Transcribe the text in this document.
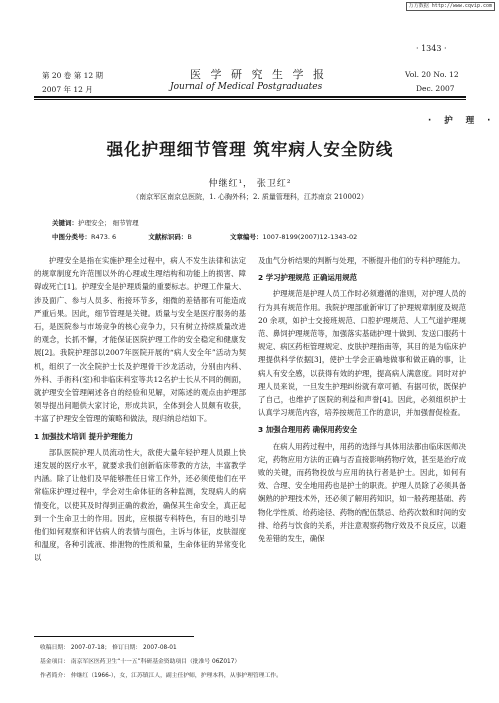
万方数据 http://www.cqvip.com
· 1343 ·
第 20 卷 第 12 期	医 学 研 究 生 学 报	Vol. 20 No. 12
2007 年 12 月	Journal of Medical Postgraduates	Dec. 2007
· 护 理 ·
强化护理细节管理 筑牢病人安全防线
仲继红¹， 张卫红²
（南京军区南京总医院，1. 心胸外科；2. 质量管理科，江苏南京 210002）
关键词：护理安全； 细节管理
中图分类号：R473. 6	文献标识码：B	文章编号：1007-8199(2007)12-1343-02

护理安全是指在实施护理全过程中，病人不发生法律和法定的规章制度允许范围以外的心理或生理结构和功能上的损害、障碍或死亡[1]。护理安全是护理质量的重要标志。护理工作量大、涉及面广、参与人员多、衔接环节多，细微的差错都有可能造成严重后果。因此，细节管理是关键。质量与安全是医疗服务的基石，是医院参与市场竞争的核心竞争力，只有树立持续质量改进的观念，长抓不懈，才能保证医院护理工作的安全稳定和健康发展[2]。我院护理部以2007年医院开展的“病人安全年”活动为契机，组织了一次全院护士长及护理骨干沙龙活动，分别由内科、外科、手術科(室)和非临床科室等共12名护士长从不同的侧面，就护理安全管理阐述各自的经验和见解，对陈述的观点由护理部领导提出问题供大家讨论，形成共识，全体到会人员颇有收获，丰富了护理安全管理的策略和做法，现归纳总结如下。

1 加强技术培训 提升护理能力

部队医院护理人员流动性大，欲使大量年轻护理人员跟上快速发展的医疗水平，就要求我们创新临床带教的方法，丰富教学内涵。除了让他们及早能够胜任日常工作外，还必须使他们在平常临床护理过程中，学会对生命体征的各种监测，发现病人的病情变化，以使其及时得到正确的救治，确保其生命安全，真正起到一个生命卫士的作用。因此，应根据专科特色，有目的地引导他们如何观察和评估病人的表情与面色，主诉与体征，皮肤湿度和温度，各种引流液、排泄物的性质和量，生命体征的异常变化以

及血气分析结果的判断与处理，不断提升他们的专科护理能力。

2 学习护理规范 正确运用规范

护理规范是护理人员工作时必须遵循的准则，对护理人员的行为具有规范作用。我院护理部重新审订了护理规章制度及规范 20 余项，如护士交接班规范、口腔护理规范、人工气道护理规范、鼻饲护理规范等，加强落实基础护理十做到、发送口服药十规定、病区药柜管理规定、皮肤护理指南等，其目的是为临床护理提供科学依据[3]，使护士学会正确地做事和做正确的事，让病人有安全感，以获得有效的护理，提高病人满意度。同时对护理人员来说，一旦发生护理纠纷就有章可循、有据可依，既保护了自己，也维护了医院的利益和声誉[4]。因此，必须组织护士认真学习规范内容，培养按规范工作的意识，并加强督促检查。

3 加强合理用药 确保用药安全

在病人用药过程中，用药的选择与具体用法都由临床医师决定，药物应用方法的正确与否直接影响药物疗效，甚至是治疗成败的关键，而药物投放与应用的执行者是护士。因此，如何有效、合理、安全地用药也是护士的职责。护理人员除了必须具备娴熟的护理技术外，还必须了解用药知识，如一般药理基础、药物化学性质、给药途径、药物的配伍禁忌、给药次数和时间的安排、给药与饮食的关系，并注意观察药物疗效及不良反应，以避免差错的发生，确保

收稿日期： 2007-07-18； 修订日期： 2007-08-01
基金项目： 南京军区医药卫生“十一五”科研基金资助项目（批准号 06Z017）
作者简介： 仲继红（1966-），女，江苏镇江人，副主任护师，护理本科，从事护理管理工作。
